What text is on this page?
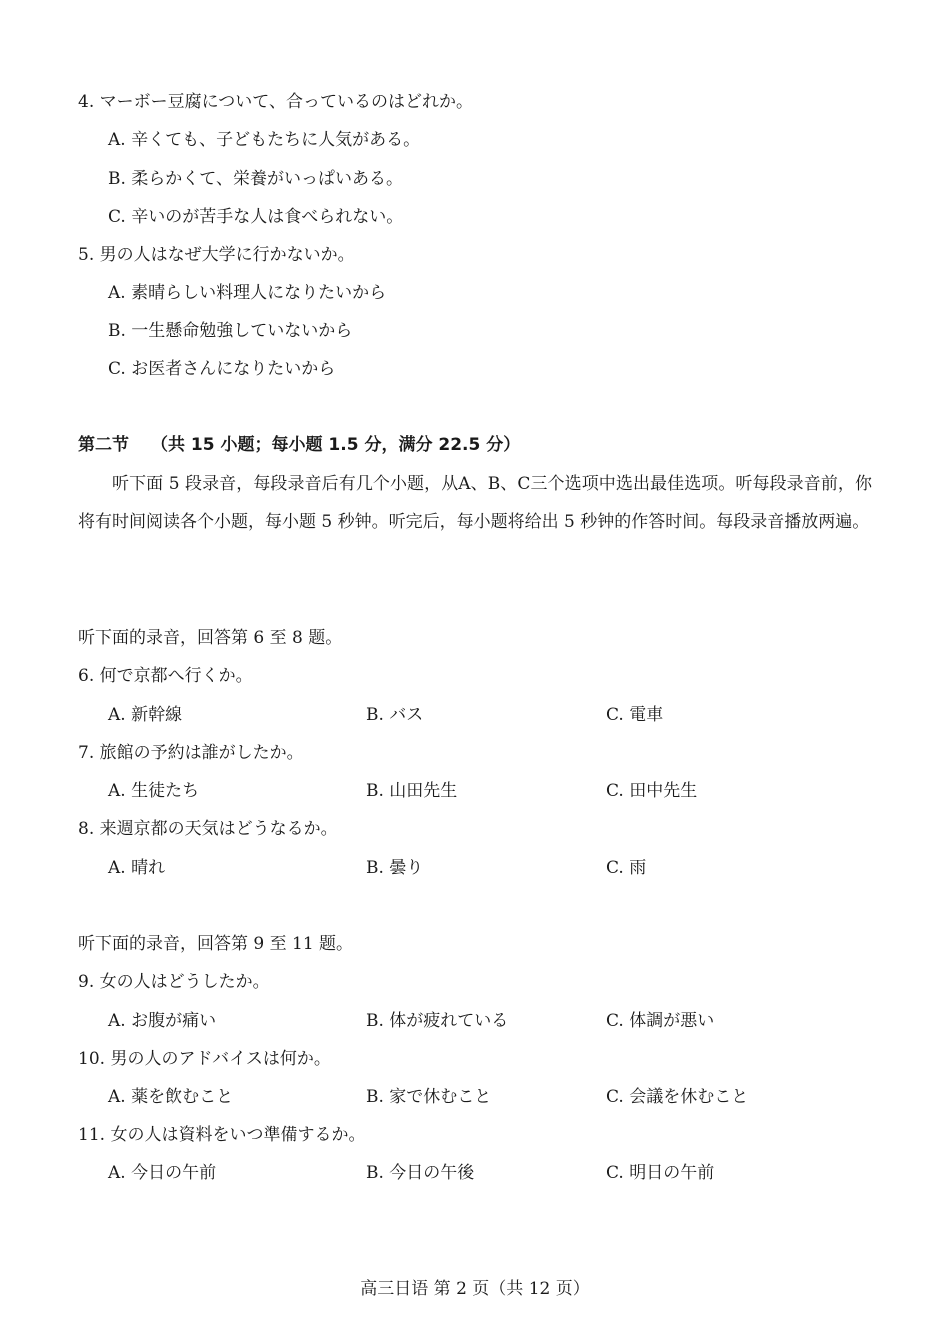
4. マーボー豆腐について、合っているのはどれか。
A. 辛くても、子どもたちに人気がある。
B. 柔らかくて、栄養がいっぱいある。
C. 辛いのが苦手な人は食べられない。
5. 男の人はなぜ大学に行かないか。
A. 素晴らしい料理人になりたいから
B. 一生懸命勉強していないから
C. お医者さんになりたいから
第二节 （共 15 小题；每小题 1.5 分，满分 22.5 分）
听下面 5 段录音，每段录音后有几个小题，从A、B、C三个选项中选出最佳选项。听每段录音前，你将有时间阅读各个小题，每小题 5 秒钟。听完后，每小题将给出 5 秒钟的作答时间。每段录音播放两遍。
听下面的录音，回答第 6 至 8 题。
6. 何で京都へ行くか。
A. 新幹線	B. バス	C. 電車
7. 旅館の予約は誰がしたか。
A. 生徒たち	B. 山田先生	C. 田中先生
8. 来週京都の天気はどうなるか。
A. 晴れ	B. 曇り	C. 雨
听下面的录音，回答第 9 至 11 题。
9. 女の人はどうしたか。
A. お腹が痛い	B. 体が疲れている	C. 体調が悪い
10. 男の人のアドバイスは何か。
A. 薬を飲むこと	B. 家で休むこと	C. 会議を休むこと
11. 女の人は資料をいつ準備するか。
A. 今日の午前	B. 今日の午後	C. 明日の午前
高三日语 第 2 页（共 12 页）
